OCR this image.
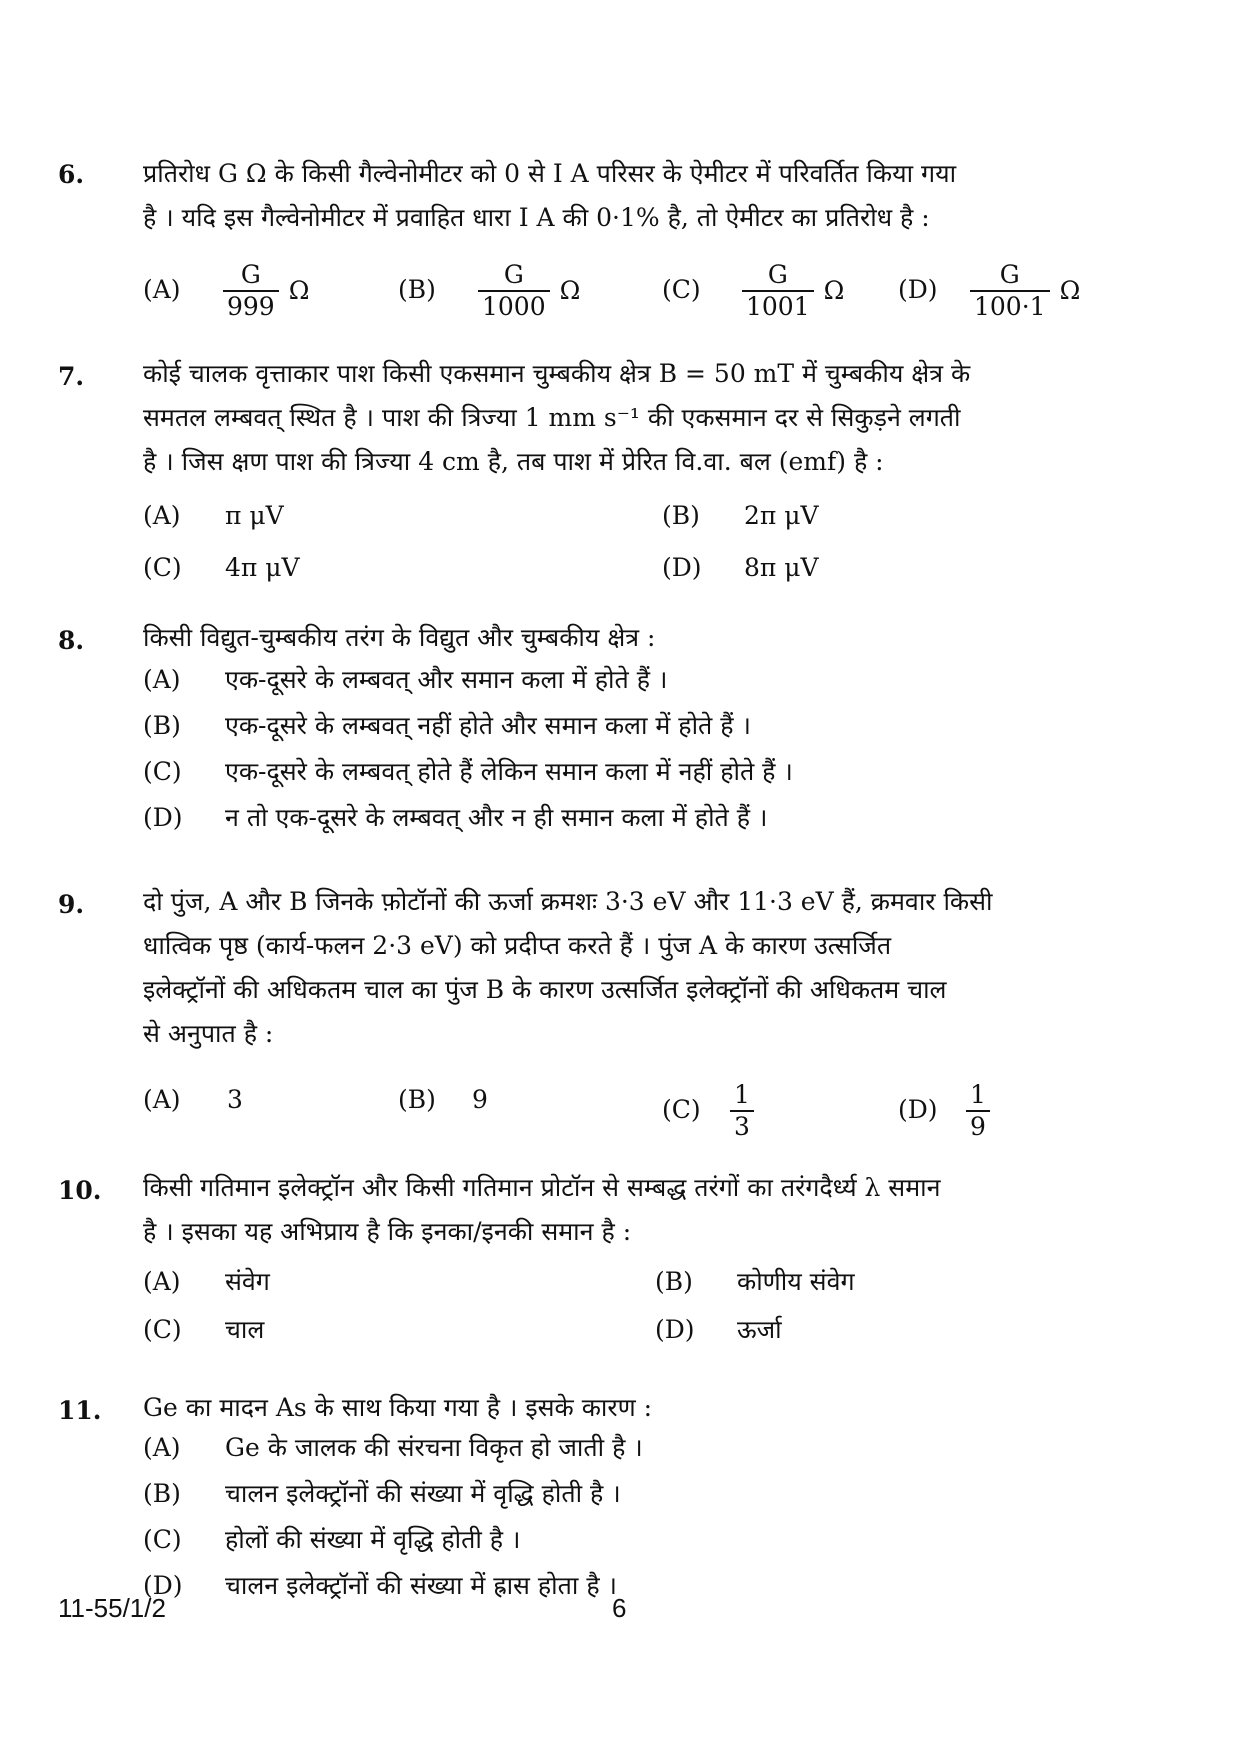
6. प्रतिरोध G Ω के किसी गैल्वेनोमीटर को 0 से I A परिसर के ऐमीटर में परिवर्तित किया गया
है । यदि इस गैल्वेनोमीटर में प्रवाहित धारा I A की 0·1% है, तो ऐमीटर का प्रतिरोध है :
$(A) \frac{G}{999}$ Ω	$(B) \frac{G}{1000}$ Ω	$(C) \frac{G}{1001}$ Ω $(D) \frac{G}{100\cdot 1}$ Ω
7. कोई चालक वृत्ताकार पाश किसी एकसमान चुम्बकीय क्षेत्र B = 50 mT में चुम्बकीय क्षेत्र के
समतल लम्बवत् स्थित है । पाश की त्रिज्या 1 mm s⁻¹ की एकसमान दर से सिकुड़ने लगती
है । जिस क्षण पाश की त्रिज्या 4 cm है, तब पाश में प्रेरित वि.वा. बल (emf) है :
(A) π μV	(B) 2π μV
(C) 4π μV	(D) 8π μV
8. किसी विद्युत-चुम्बकीय तरंग के विद्युत और चुम्बकीय क्षेत्र :
(A) एक-दूसरे के लम्बवत् और समान कला में होते हैं ।
(B) एक-दूसरे के लम्बवत् नहीं होते और समान कला में होते हैं ।
(C) एक-दूसरे के लम्बवत् होते हैं लेकिन समान कला में नहीं होते हैं ।
(D) न तो एक-दूसरे के लम्बवत् और न ही समान कला में होते हैं ।
9. दो पुंज, A और B जिनके फ़ोटॉनों की ऊर्जा क्रमशः 3·3 eV और 11·3 eV हैं, क्रमवार किसी
धात्विक पृष्ठ (कार्य-फलन 2·3 eV) को प्रदीप्त करते हैं । पुंज A के कारण उत्सर्जित
इलेक्ट्रॉनों की अधिकतम चाल का पुंज B के कारण उत्सर्जित इलेक्ट्रॉनों की अधिकतम चाल
से अनुपात है :
(A) 3	(B) 9	$(C) \frac{1}{3}$	$(D) \frac{1}{9}$
10. किसी गतिमान इलेक्ट्रॉन और किसी गतिमान प्रोटॉन से सम्बद्ध तरंगों का तरंगदैर्ध्य λ समान
है । इसका यह अभिप्राय है कि इनका/इनकी समान है :
(A) संवेग	(B) कोणीय संवेग
(C) चाल	(D) ऊर्जा
11. Ge का मादन As के साथ किया गया है । इसके कारण :
(A) Ge के जालक की संरचना विकृत हो जाती है ।
(B) चालन इलेक्ट्रॉनों की संख्या में वृद्धि होती है ।
(C) होलों की संख्या में वृद्धि होती है ।
(D) चालन इलेक्ट्रॉनों की संख्या में ह्रास होता है ।
11-55/1/2	6
